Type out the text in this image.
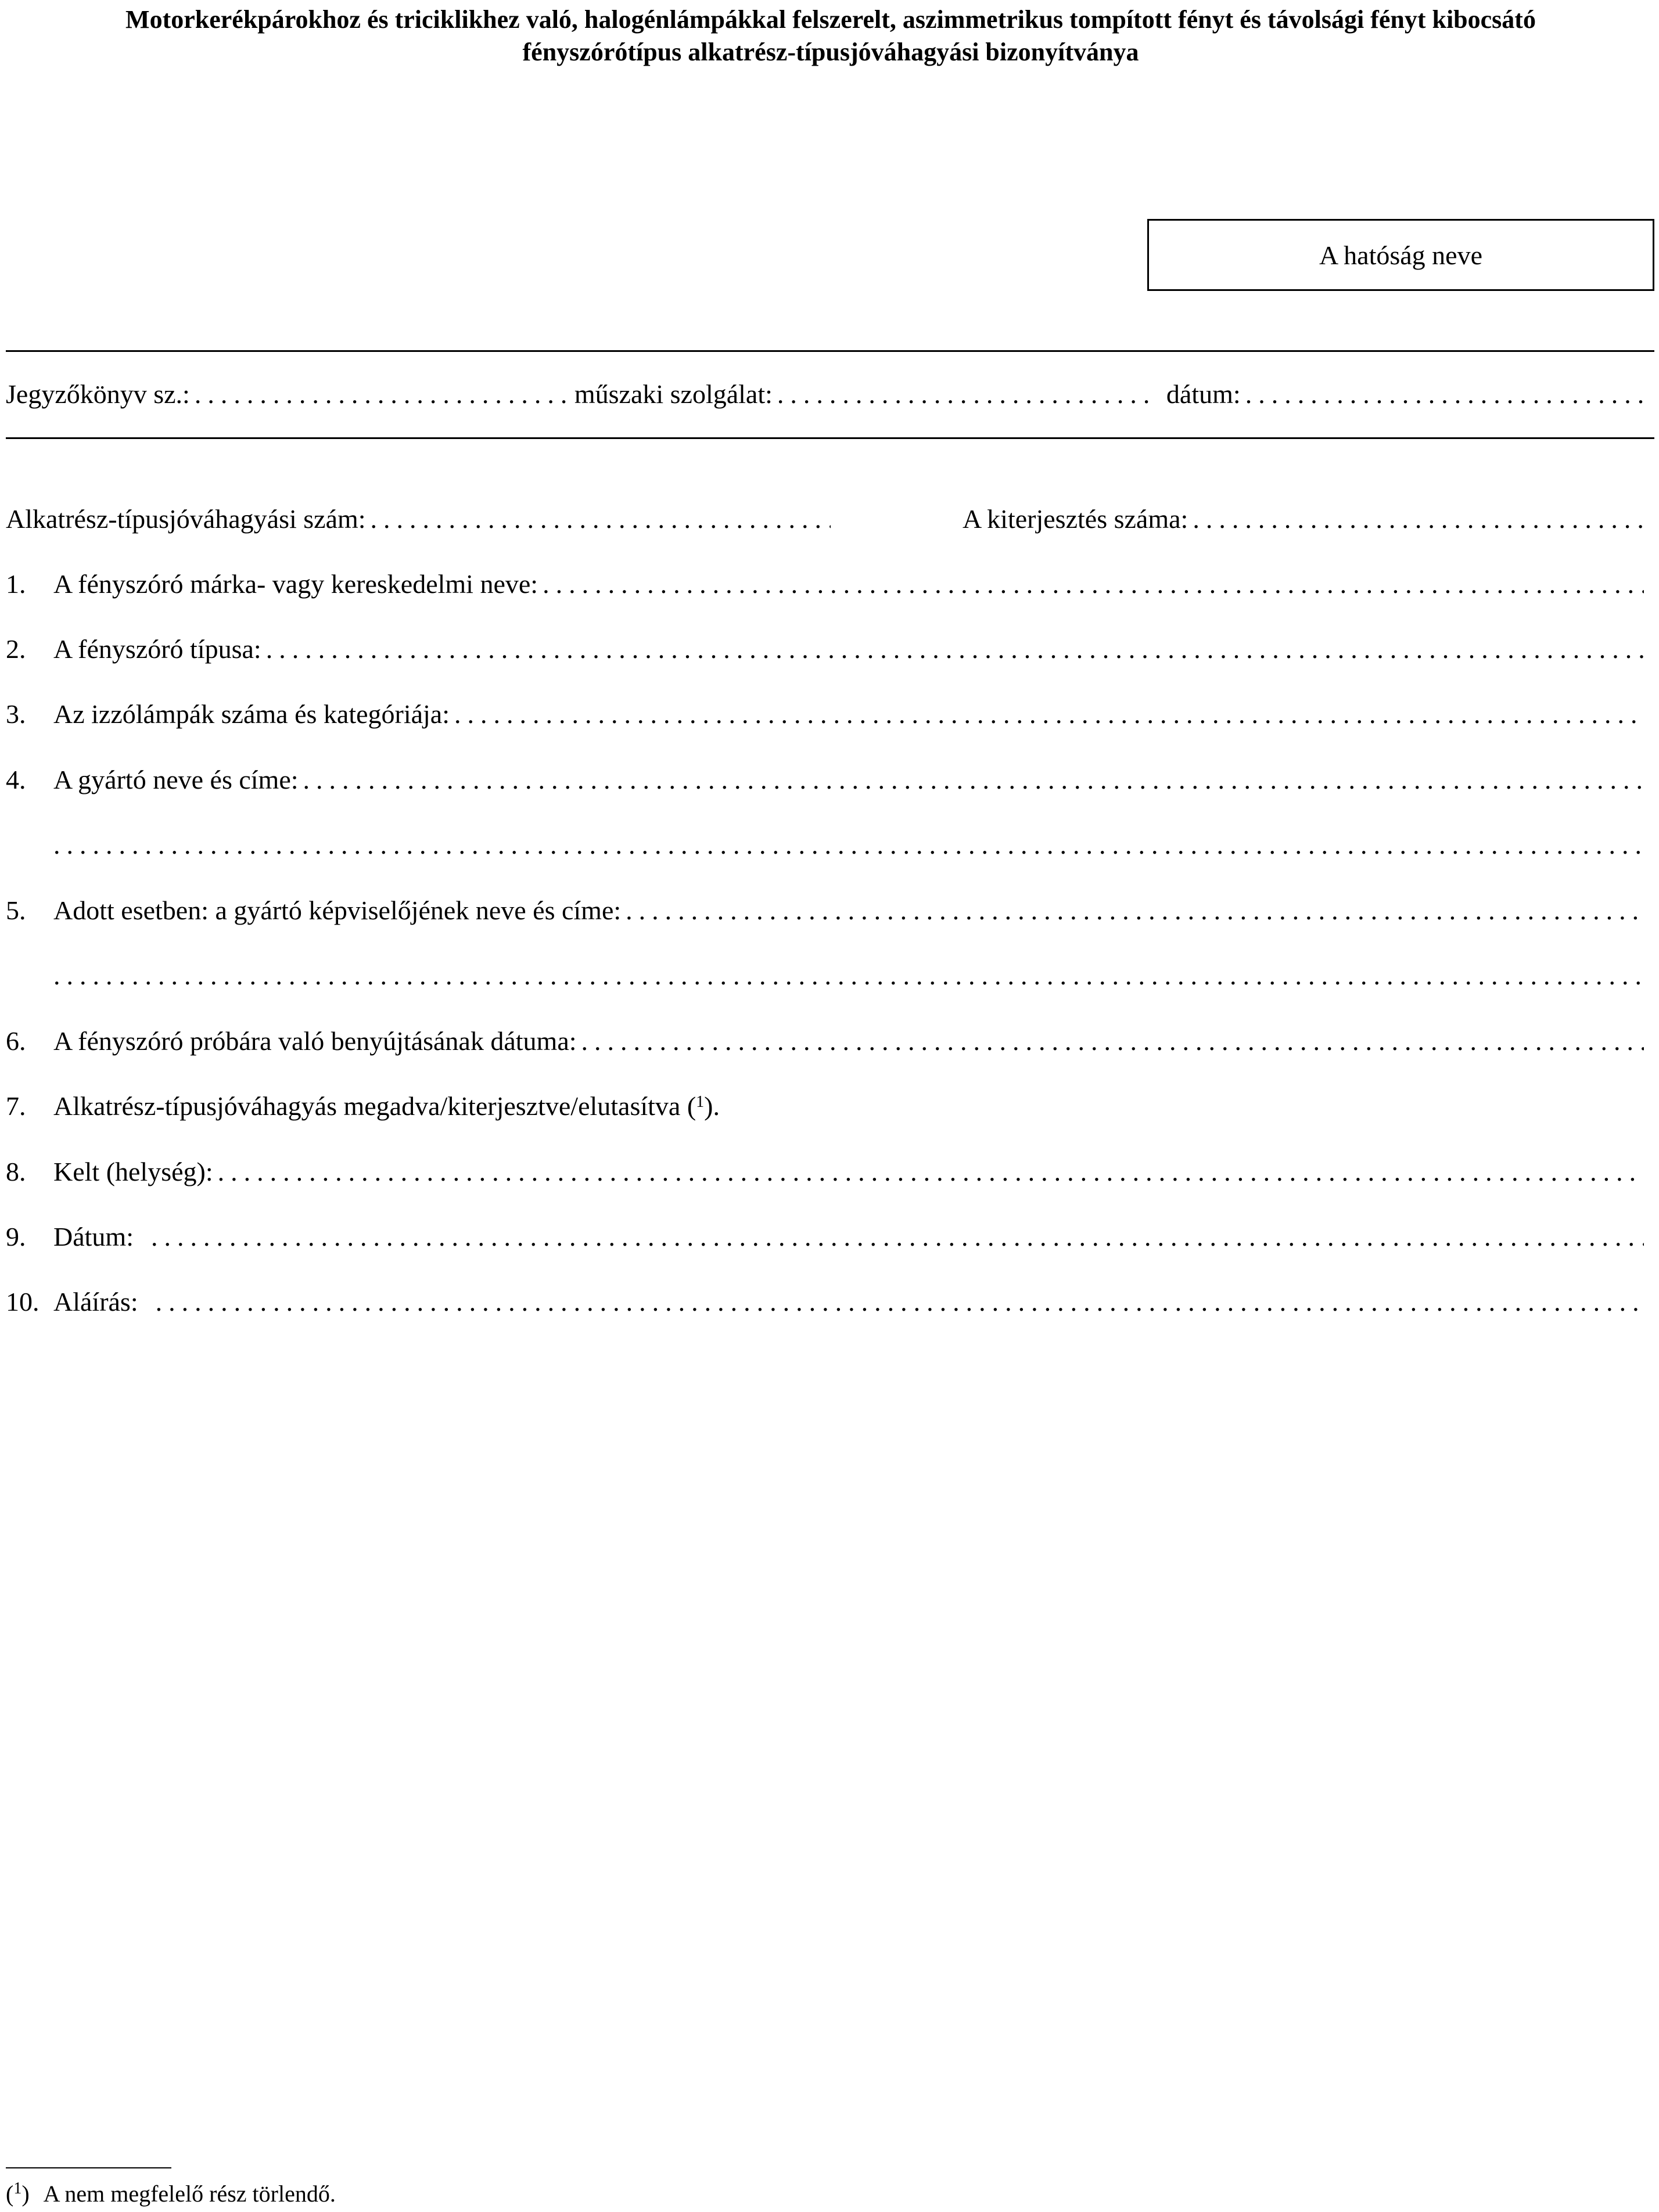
Motorkerékpárokhoz és triciklikhez való, halogénlámpákkal felszerelt, aszimmetrikus tompított fényt és távolsági fényt kibocsátó
fényszórótípus alkatrész-típusjóváhagyási bizonyítványa
A hatóság neve
Jegyzőkönyv sz.: .....	műszaki szolgálat: .....	dátum:
.....
Alkatrész-típusjóváhagyási szám: .....	A kiterjesztés száma:
.....
1.	A fényszóró márka- vagy kereskedelmi neve:
.....
2.	A fényszóró típusa:
.....
3.	Az izzólámpák száma és kategóriája:
.....
4.	A gyártó neve és címe:
.....
.....
5.	Adott esetben: a gyártó képviselőjének neve és címe:
.....
.....
6.	A fényszóró próbára való benyújtásának dátuma:
.....
7.	Alkatrész-típusjóváhagyás megadva/kiterjesztve/elutasítva ($^1$).
8.	Kelt (helység):
.....
9.	Dátum:
.....
10. Aláírás:
.....
($^1$) A nem megfelelő rész törlendő.
